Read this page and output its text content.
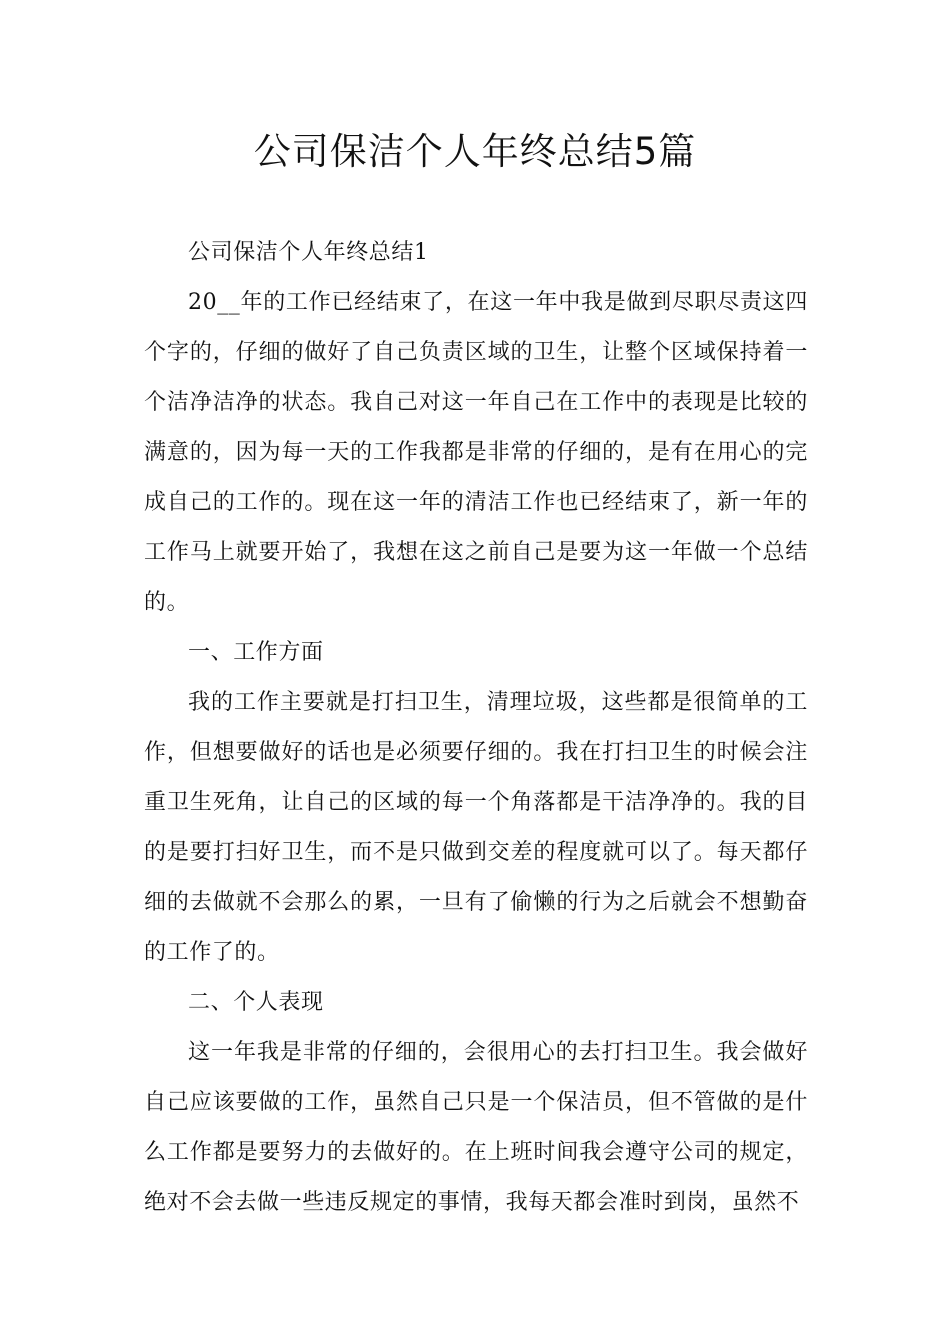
公司保洁个人年终总结5篇

公司保洁个人年终总结1

20__年的工作已经结束了，在这一年中我是做到尽职尽责这四个字的，仔细的做好了自己负责区域的卫生，让整个区域保持着一个洁净洁净的状态。我自己对这一年自己在工作中的表现是比较的满意的，因为每一天的工作我都是非常的仔细的，是有在用心的完成自己的工作的。现在这一年的清洁工作也已经结束了，新一年的工作马上就要开始了，我想在这之前自己是要为这一年做一个总结的。

一、工作方面

我的工作主要就是打扫卫生，清理垃圾，这些都是很简单的工作，但想要做好的话也是必须要仔细的。我在打扫卫生的时候会注重卫生死角，让自己的区域的每一个角落都是干洁净净的。我的目的是要打扫好卫生，而不是只做到交差的程度就可以了。每天都仔细的去做就不会那么的累，一旦有了偷懒的行为之后就会不想勤奋的工作了的。

二、个人表现

这一年我是非常的仔细的，会很用心的去打扫卫生。我会做好自己应该要做的工作，虽然自己只是一个保洁员，但不管做的是什么工作都是要努力的去做好的。在上班时间我会遵守公司的规定，绝对不会去做一些违反规定的事情，我每天都会准时到岗，虽然不
